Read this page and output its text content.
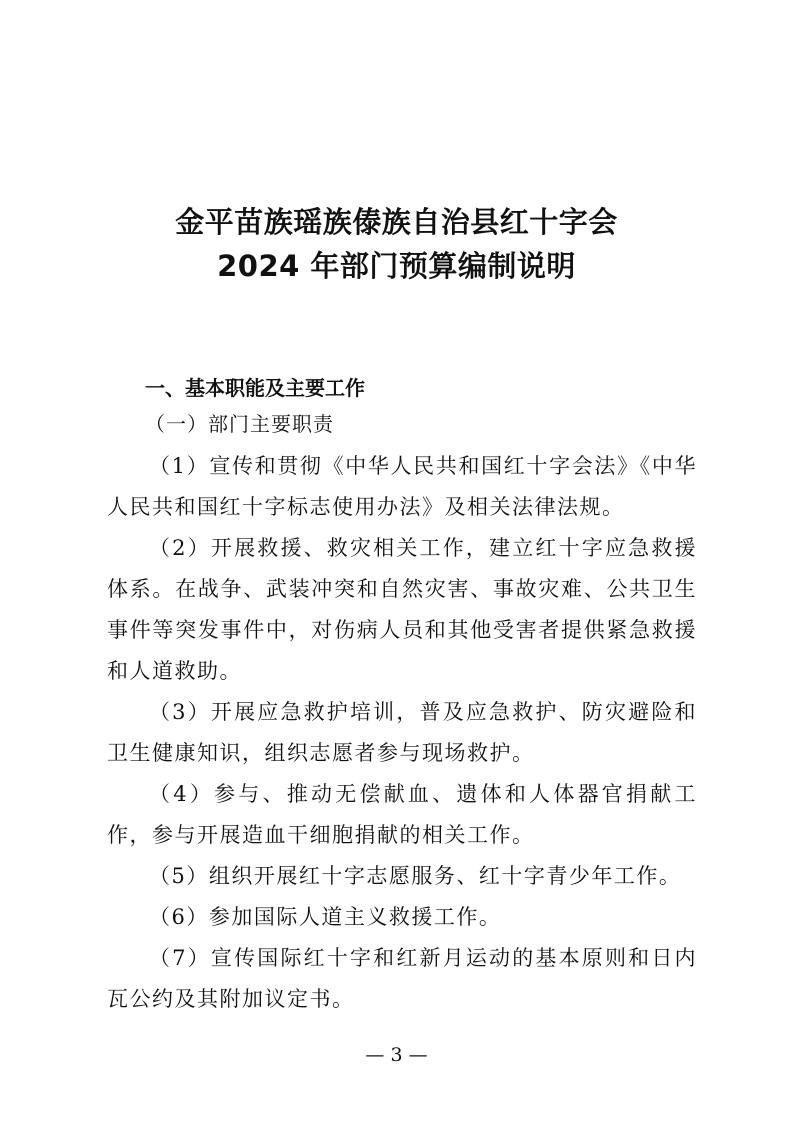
金平苗族瑶族傣族自治县红十字会
2024 年部门预算编制说明
一、基本职能及主要工作
（一）部门主要职责

（1）宣传和贯彻《中华人民共和国红十字会法》《中华人民共和国红十字标志使用办法》及相关法律法规。

（2）开展救援、救灾相关工作，建立红十字应急救援体系。在战争、武装冲突和自然灾害、事故灾难、公共卫生事件等突发事件中，对伤病人员和其他受害者提供紧急救援和人道救助。

（3）开展应急救护培训，普及应急救护、防灾避险和卫生健康知识，组织志愿者参与现场救护。

（4）参与、推动无偿献血、遗体和人体器官捐献工作，参与开展造血干细胞捐献的相关工作。

（5）组织开展红十字志愿服务、红十字青少年工作。

（6）参加国际人道主义救援工作。

（7）宣传国际红十字和红新月运动的基本原则和日内瓦公约及其附加议定书。

— 3 —
